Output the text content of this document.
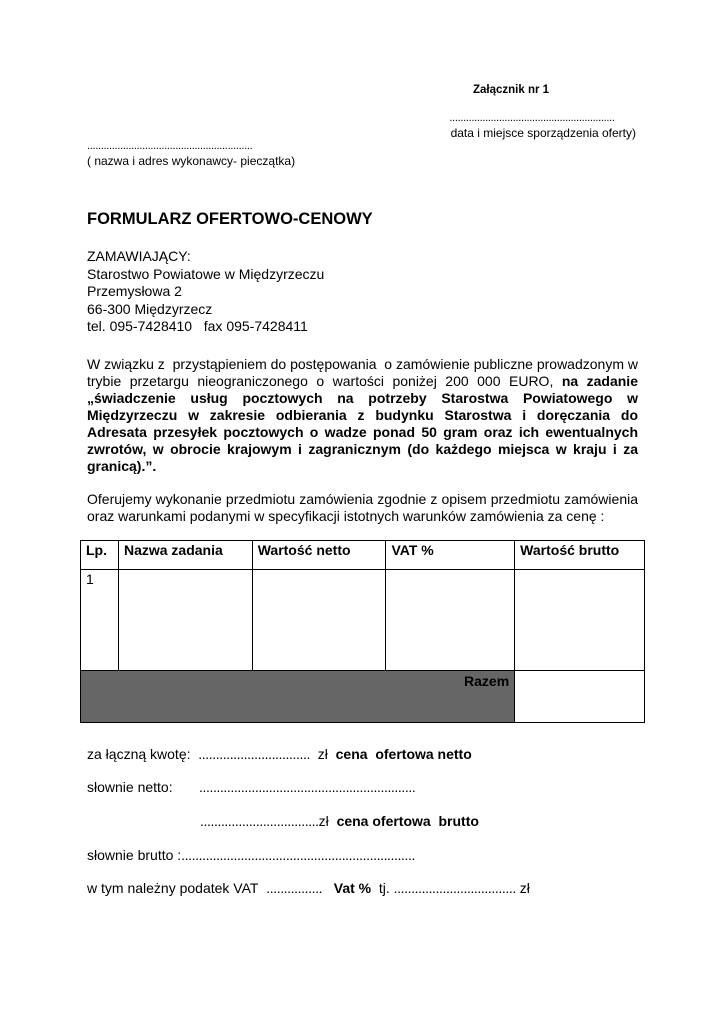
Załącznik nr 1
............................................................
data i miejsce sporządzenia oferty)
............................................................
( nazwa i adres wykonawcy- pieczątka)
FORMULARZ OFERTOWO-CENOWY
ZAMAWIAJĄCY:
Starostwo Powiatowe w Międzyrzeczu
Przemysłowa 2
66-300 Międzyrzecz
tel. 095-7428410   fax 095-7428411
W związku z  przystąpieniem do postępowania  o zamówienie publiczne prowadzonym w trybie przetargu nieograniczonego o wartości poniżej 200 000 EURO, na zadanie „świadczenie usług pocztowych na potrzeby Starostwa Powiatowego w Międzyrzeczu w zakresie odbierania z budynku Starostwa i doręczania do Adresata przesyłek pocztowych o wadze ponad 50 gram oraz ich ewentualnych zwrotów, w obrocie krajowym i zagranicznym (do każdego miejsca w kraju i za granicą).”.
Oferujemy wykonanie przedmiotu zamówienia zgodnie z opisem przedmiotu zamówienia oraz warunkami podanymi w specyfikacji istotnych warunków zamówienia za cenę :
Lp.	Nazwa zadania	Wartość netto	VAT %	Wartość brutto
1				
Razem				
za łączną kwotę: ................................ zł cena  ofertowa netto
słownie netto: ..............................................................
..................................zł cena ofertowa  brutto
słownie brutto :...................................................................
w tym należny podatek VAT ................ Vat % tj. ................................... zł
